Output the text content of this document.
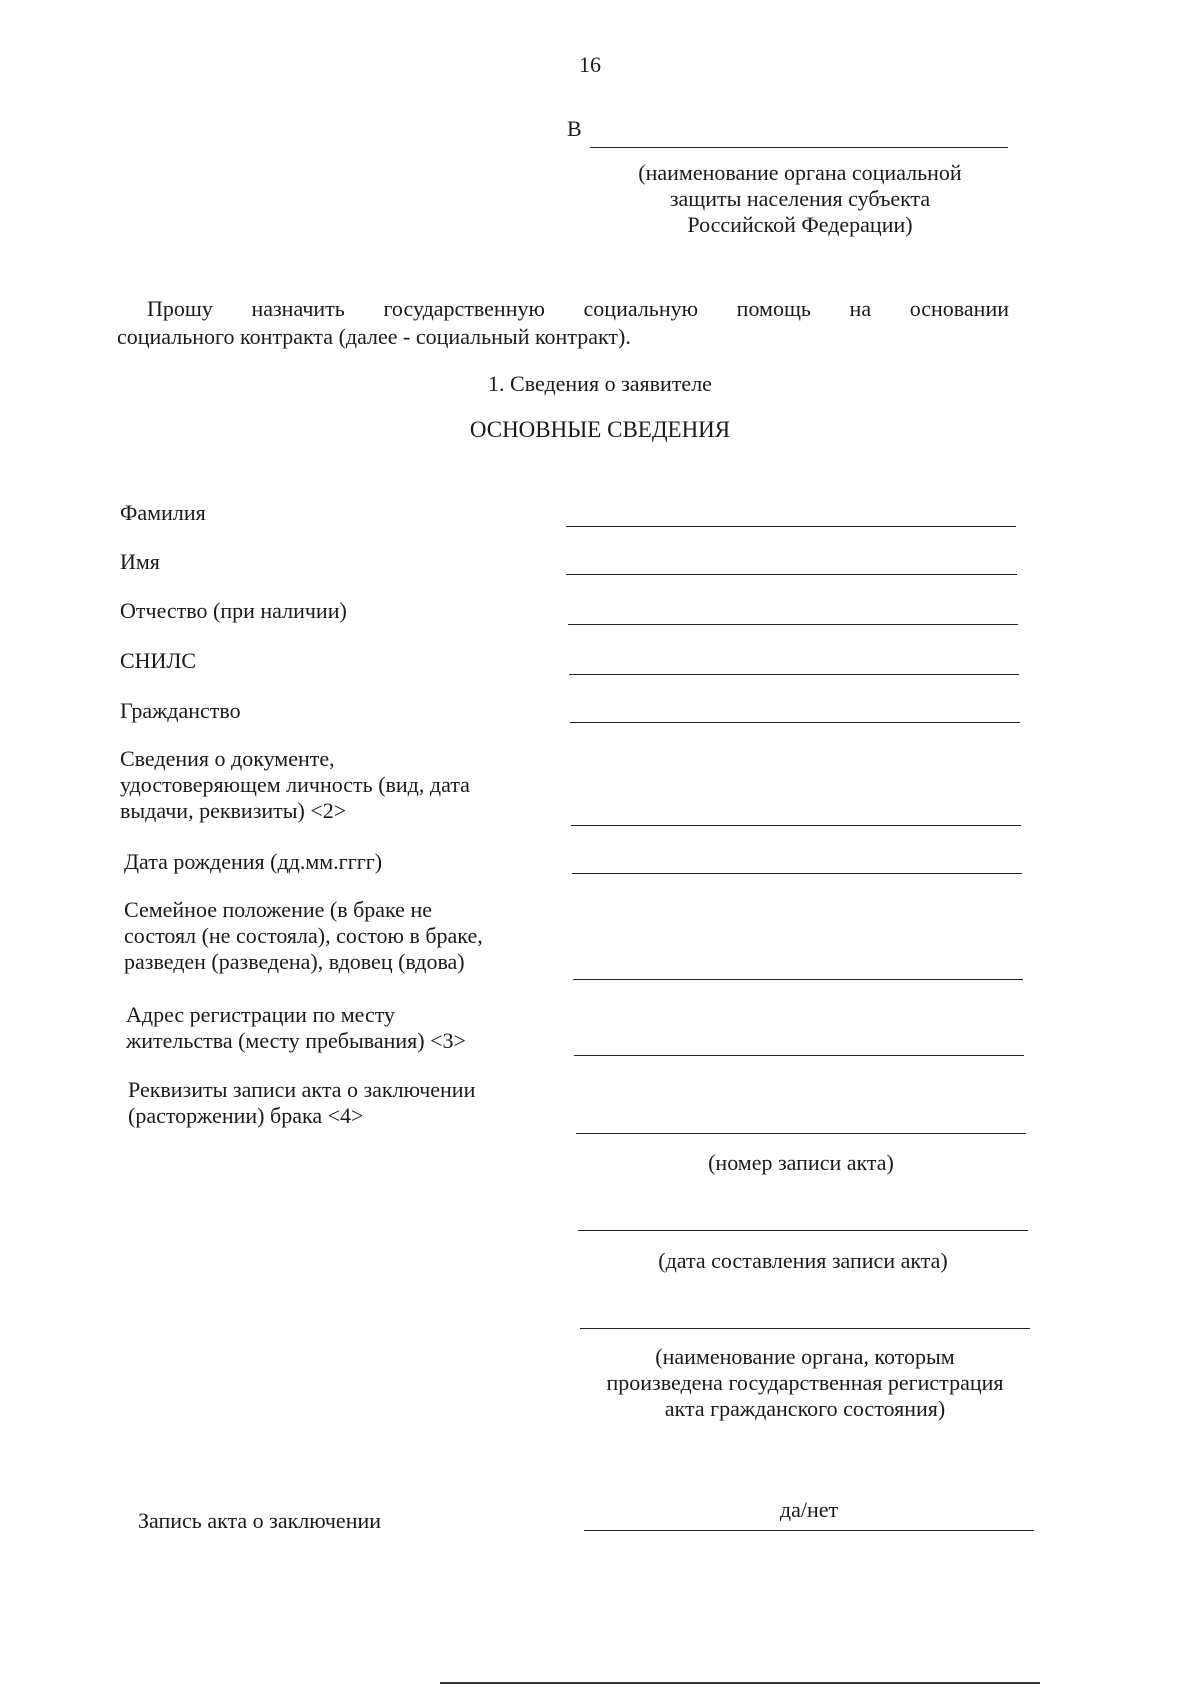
16
В
(наименование органа социальной
защиты населения субъекта
Российской Федерации)
Прошу назначить государственную социальную помощь на основании
социального контракта (далее - социальный контракт).
1. Сведения о заявителе
ОСНОВНЫЕ СВЕДЕНИЯ
Фамилия
Имя
Отчество (при наличии)
СНИЛС
Гражданство
Сведения о документе,
удостоверяющем личность (вид, дата
выдачи, реквизиты) <2>
Дата рождения (дд.мм.гггг)
Семейное положение (в браке не
состоял (не состояла), состою в браке,
разведен (разведена), вдовец (вдова)
Адрес регистрации по месту
жительства (месту пребывания) <3>
Реквизиты записи акта о заключении
(расторжении) брака <4>
(номер записи акта)
(дата составления записи акта)
(наименование органа, которым
произведена государственная регистрация
акта гражданского состояния)
Запись акта о заключении	да/нет
